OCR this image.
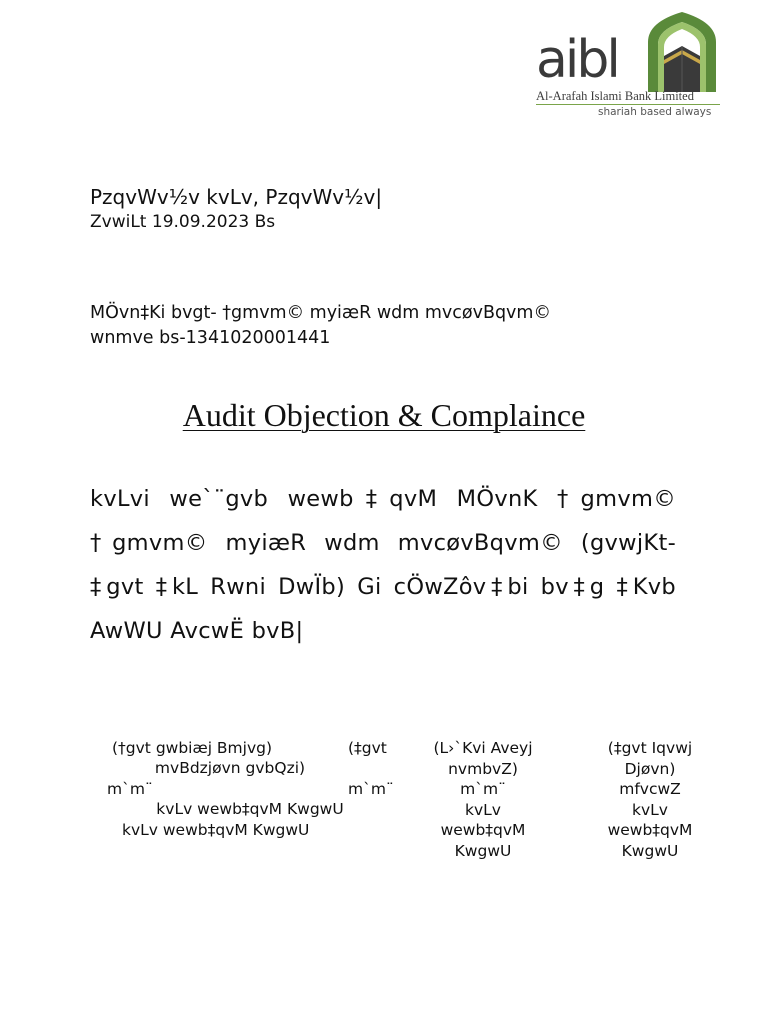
aibl
Al-Arafah Islami Bank Limited
shariah based always
PzqvWv½v kvLv, PzqvWv½v|
ZvwiLt 19.09.2023 Bs
MÖvn‡Ki bvgt- †gmvm© myiæR wdm mvcøvBqvm©
wnmve bs-1341020001441
Audit Objection & Complaince
kvLvi we`¨gvb wewb‡qvM MÖvnK †gmvm©
†gmvm© myiæR wdm mvcøvBqvm© (gvwjKt-
‡gvt ‡kL Rwni DwÏb) Gi cÖwZôv‡bi bv‡g ‡Kvb
AwWU AvcwË bvB|
(†gvt gwbiæj Bmjvg)
mvBdzjøvn gvbQzi)
m`m¨
kvLv wewb‡qvM KwgwU
kvLv wewb‡qvM KwgwU
(‡gvt
m`m¨
(L›`Kvi Aveyj
nvmbvZ)
m`m¨
kvLv
wewb‡qvM
KwgwU
(‡gvt Iqvwj
Djøvn)
mfvcwZ
kvLv
wewb‡qvM
KwgwU
